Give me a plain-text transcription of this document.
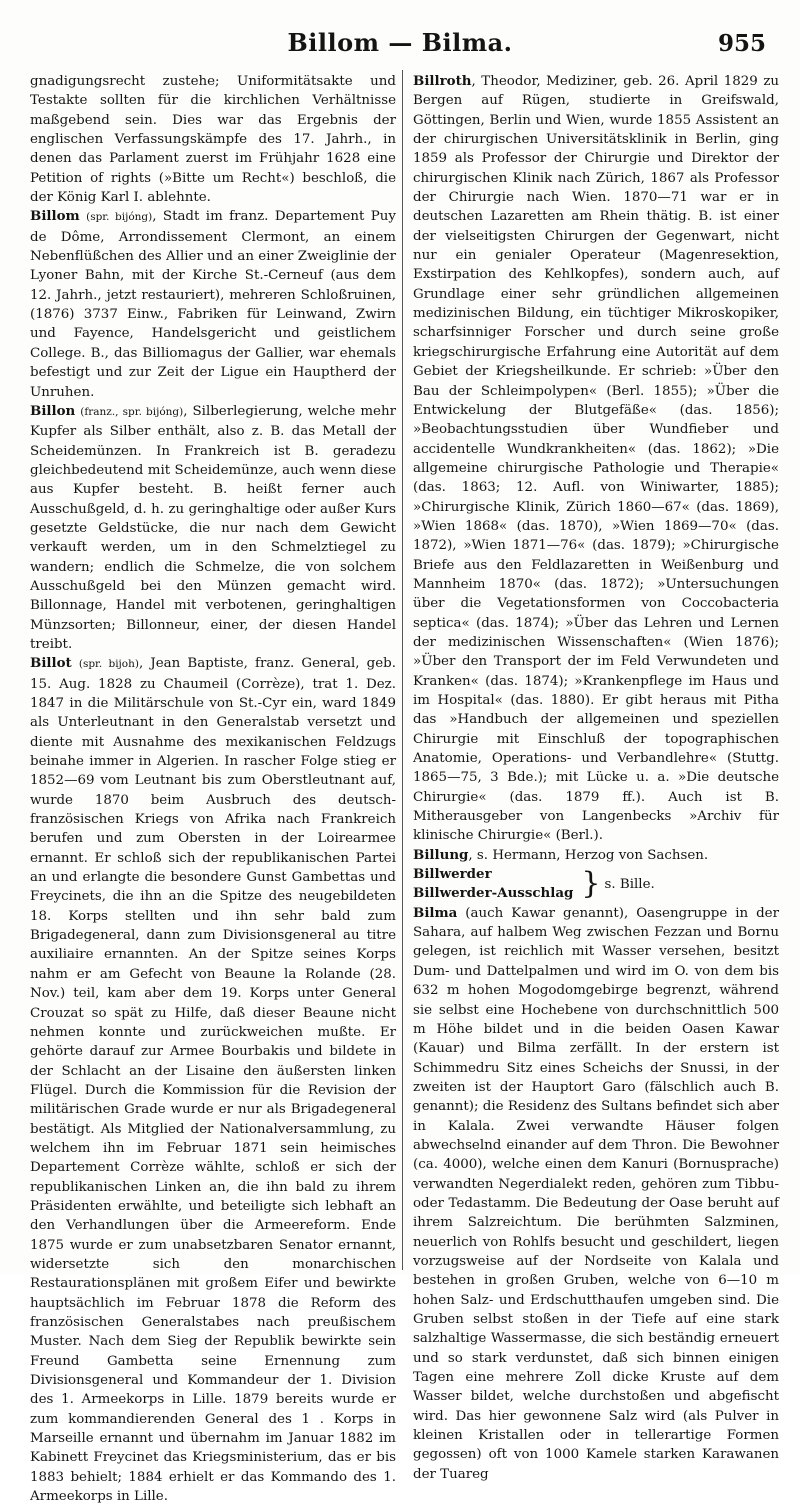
Billom — Bilma.	955

gnadigungsrecht zustehe; Uniformitätsakte und Testakte sollten für die kirchlichen Verhältnisse maßgebend sein. Dies war das Ergebnis der englischen Verfassungskämpfe des 17. Jahrh., in denen das Parlament zuerst im Frühjahr 1628 eine Petition of rights (»Bitte um Recht«) beschloß, die der König Karl I. ablehnte.

Billom (spr. bijóng), Stadt im franz. Departement Puy de Dôme, Arrondissement Clermont, an einem Nebenflüßchen des Allier und an einer Zweiglinie der Lyoner Bahn, mit der Kirche St.-Cerneuf (aus dem 12. Jahrh., jetzt restauriert), mehreren Schloßruinen, (1876) 3737 Einw., Fabriken für Leinwand, Zwirn und Fayence, Handelsgericht und geistlichem College. B., das Billiomagus der Gallier, war ehemals befestigt und zur Zeit der Ligue ein Hauptherd der Unruhen.

Billon (franz., spr. bijóng), Silberlegierung, welche mehr Kupfer als Silber enthält, also z. B. das Metall der Scheidemünzen. In Frankreich ist B. geradezu gleichbedeutend mit Scheidemünze, auch wenn diese aus Kupfer besteht. B. heißt ferner auch Ausschußgeld, d. h. zu geringhaltige oder außer Kurs gesetzte Geldstücke, die nur nach dem Gewicht verkauft werden, um in den Schmelztiegel zu wandern; endlich die Schmelze, die von solchem Ausschußgeld bei den Münzen gemacht wird. Billonnage, Handel mit verbotenen, geringhaltigen Münzsorten; Billonneur, einer, der diesen Handel treibt.

Billot (spr. bijoh), Jean Baptiste, franz. General, geb. 15. Aug. 1828 zu Chaumeil (Corrèze), trat 1. Dez. 1847 in die Militärschule von St.-Cyr ein, ward 1849 als Unterleutnant in den Generalstab versetzt und diente mit Ausnahme des mexikanischen Feldzugs beinahe immer in Algerien. In rascher Folge stieg er 1852—69 vom Leutnant bis zum Oberstleutnant auf, wurde 1870 beim Ausbruch des deutsch-französischen Kriegs von Afrika nach Frankreich berufen und zum Obersten in der Loirearmee ernannt. Er schloß sich der republikanischen Partei an und erlangte die besondere Gunst Gambettas und Freycinets, die ihn an die Spitze des neugebildeten 18. Korps stellten und ihn sehr bald zum Brigadegeneral, dann zum Divisionsgeneral au titre auxiliaire ernannten. An der Spitze seines Korps nahm er am Gefecht von Beaune la Rolande (28. Nov.) teil, kam aber dem 19. Korps unter General Crouzat so spät zu Hilfe, daß dieser Beaune nicht nehmen konnte und zurückweichen mußte. Er gehörte darauf zur Armee Bourbakis und bildete in der Schlacht an der Lisaine den äußersten linken Flügel. Durch die Kommission für die Revision der militärischen Grade wurde er nur als Brigadegeneral bestätigt. Als Mitglied der Nationalversammlung, zu welchem ihn im Februar 1871 sein heimisches Departement Corrèze wählte, schloß er sich der republikanischen Linken an, die ihn bald zu ihrem Präsidenten erwählte, und beteiligte sich lebhaft an den Verhandlungen über die Armeereform. Ende 1875 wurde er zum unabsetzbaren Senator ernannt, widersetzte sich den monarchischen Restaurationsplänen mit großem Eifer und bewirkte hauptsächlich im Februar 1878 die Reform des französischen Generalstabes nach preußischem Muster. Nach dem Sieg der Republik bewirkte sein Freund Gambetta seine Ernennung zum Divisionsgeneral und Kommandeur der 1. Division des 1. Armeekorps in Lille. 1879 bereits wurde er zum kommandierenden General des 1 . Korps in Marseille ernannt und übernahm im Januar 1882 im Kabinett Freycinet das Kriegsministerium, das er bis 1883 behielt; 1884 erhielt er das Kommando des 1. Armeekorps in Lille.

Billroth, Theodor, Mediziner, geb. 26. April 1829 zu Bergen auf Rügen, studierte in Greifswald, Göttingen, Berlin und Wien, wurde 1855 Assistent an der chirurgischen Universitätsklinik in Berlin, ging 1859 als Professor der Chirurgie und Direktor der chirurgischen Klinik nach Zürich, 1867 als Professor der Chirurgie nach Wien. 1870—71 war er in deutschen Lazaretten am Rhein thätig. B. ist einer der vielseitigsten Chirurgen der Gegenwart, nicht nur ein genialer Operateur (Magenresektion, Exstirpation des Kehlkopfes), sondern auch, auf Grundlage einer sehr gründlichen allgemeinen medizinischen Bildung, ein tüchtiger Mikroskopiker, scharfsinniger Forscher und durch seine große kriegschirurgische Erfahrung eine Autorität auf dem Gebiet der Kriegsheilkunde. Er schrieb: »Über den Bau der Schleimpolypen« (Berl. 1855); »Über die Entwickelung der Blutgefäße« (das. 1856); »Beobachtungsstudien über Wundfieber und accidentelle Wundkrankheiten« (das. 1862); »Die allgemeine chirurgische Pathologie und Therapie« (das. 1863; 12. Aufl. von Winiwarter, 1885); »Chirurgische Klinik, Zürich 1860—67« (das. 1869), »Wien 1868« (das. 1870), »Wien 1869—70« (das. 1872), »Wien 1871—76« (das. 1879); »Chirurgische Briefe aus den Feldlazaretten in Weißenburg und Mannheim 1870« (das. 1872); »Untersuchungen über die Vegetationsformen von Coccobacteria septica« (das. 1874); »Über das Lehren und Lernen der medizinischen Wissenschaften« (Wien 1876); »Über den Transport der im Feld Verwundeten und Kranken« (das. 1874); »Krankenpflege im Haus und im Hospital« (das. 1880). Er gibt heraus mit Pitha das »Handbuch der allgemeinen und speziellen Chirurgie mit Einschluß der topographischen Anatomie, Operations- und Verbandlehre« (Stuttg. 1865—75, 3 Bde.); mit Lücke u. a. »Die deutsche Chirurgie« (das. 1879 ff.). Auch ist B. Mitherausgeber von Langenbecks »Archiv für klinische Chirurgie« (Berl.).

Billung, s. Hermann, Herzog von Sachsen.

Billwerder
Billwerder-Ausschlag } s. Bille.

Bilma (auch Kawar genannt), Oasengruppe in der Sahara, auf halbem Weg zwischen Fezzan und Bornu gelegen, ist reichlich mit Wasser versehen, besitzt Dum- und Dattelpalmen und wird im O. von dem bis 632 m hohen Mogodomgebirge begrenzt, während sie selbst eine Hochebene von durchschnittlich 500 m Höhe bildet und in die beiden Oasen Kawar (Kauar) und Bilma zerfällt. In der erstern ist Schimmedru Sitz eines Scheichs der Snussi, in der zweiten ist der Hauptort Garo (fälschlich auch B. genannt); die Residenz des Sultans befindet sich aber in Kalala. Zwei verwandte Häuser folgen abwechselnd einander auf dem Thron. Die Bewohner (ca. 4000), welche einen dem Kanuri (Bornusprache) verwandten Negerdialekt reden, gehören zum Tibbu- oder Tedastamm. Die Bedeutung der Oase beruht auf ihrem Salzreichtum. Die berühmten Salzminen, neuerlich von Rohlfs besucht und geschildert, liegen vorzugsweise auf der Nordseite von Kalala und bestehen in großen Gruben, welche von 6—10 m hohen Salz- und Erdschutthaufen umgeben sind. Die Gruben selbst stoßen in der Tiefe auf eine stark salzhaltige Wassermasse, die sich beständig erneuert und so stark verdunstet, daß sich binnen einigen Tagen eine mehrere Zoll dicke Kruste auf dem Wasser bildet, welche durchstoßen und abgefischt wird. Das hier gewonnene Salz wird (als Pulver in kleinen Kristallen oder in tellerartige Formen gegossen) oft von 1000 Kamele starken Karawanen der Tuareg
